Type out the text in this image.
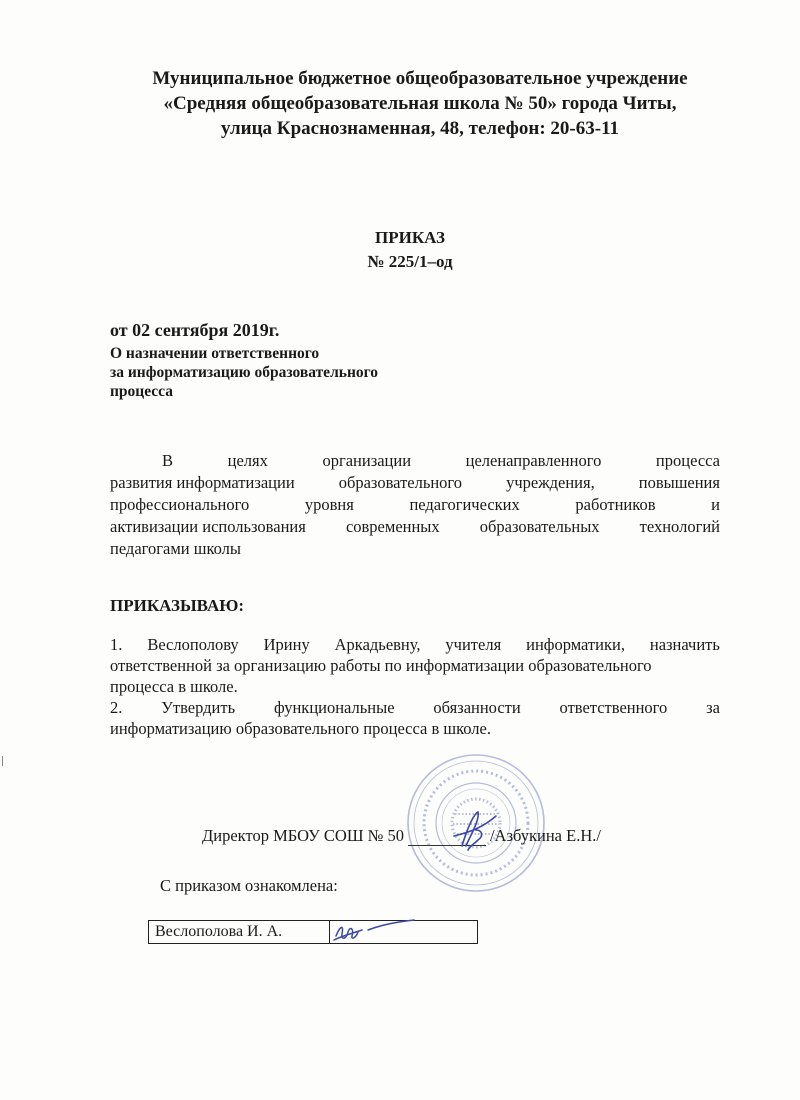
Муниципальное бюджетное общеобразовательное учреждение
«Средняя общеобразовательная школа № 50» города Читы,
улица Краснознаменная, 48, телефон: 20-63-11
ПРИКАЗ
№ 225/1–од
от 02 сентября 2019г.
О назначении ответственного
за информатизацию образовательного
процесса
В	целях	организации	целенаправленного	процесса
развития информатизации	образовательного	учреждения,	повышения
профессионального	уровня	педагогических	работников	и
активизации использования современных образовательных технологий
педагогами школы
ПРИКАЗЫВАЮ:
1. Веслополову Ирину Аркадьевну, учителя информатики, назначить
ответственной за организацию работы по информатизации образовательного
процесса в школе.
2. Утвердить функциональные обязанности ответственного за
информатизацию образовательного процесса в школе.
Директор МБОУ СОШ № 50	/Азбукина Е.Н./
С приказом ознакомлена:
Веслополова И. А.	
